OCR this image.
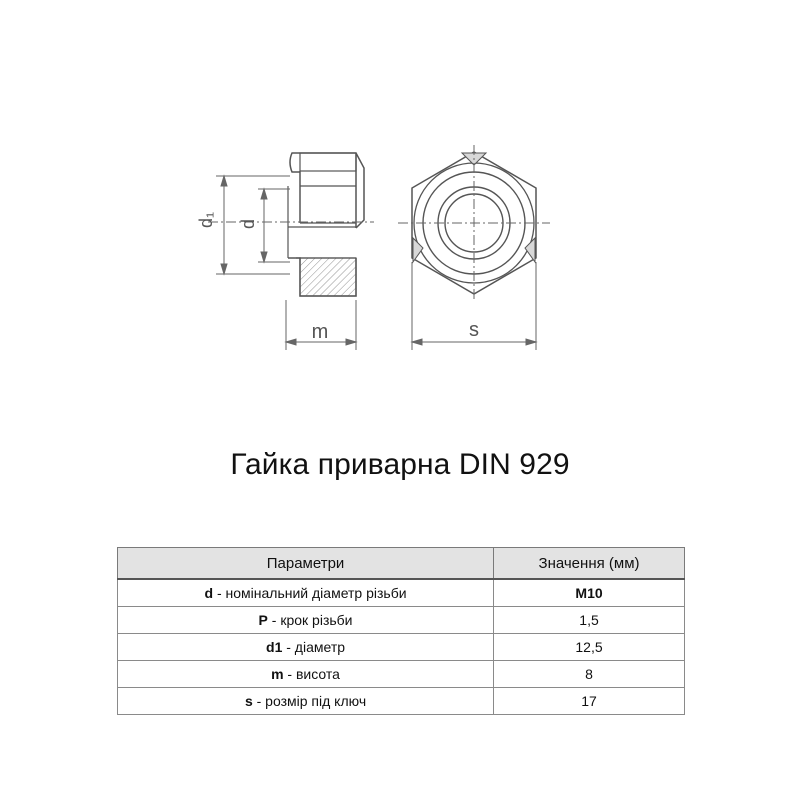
d₁ d
m	s
Гайка приварна DIN 929
Параметри	Значення (мм)
d - номінальний діаметр різьби	M10
P - крок різьби	1,5
d1 - діаметр	12,5
m - висота	8
s - розмір під ключ	17
